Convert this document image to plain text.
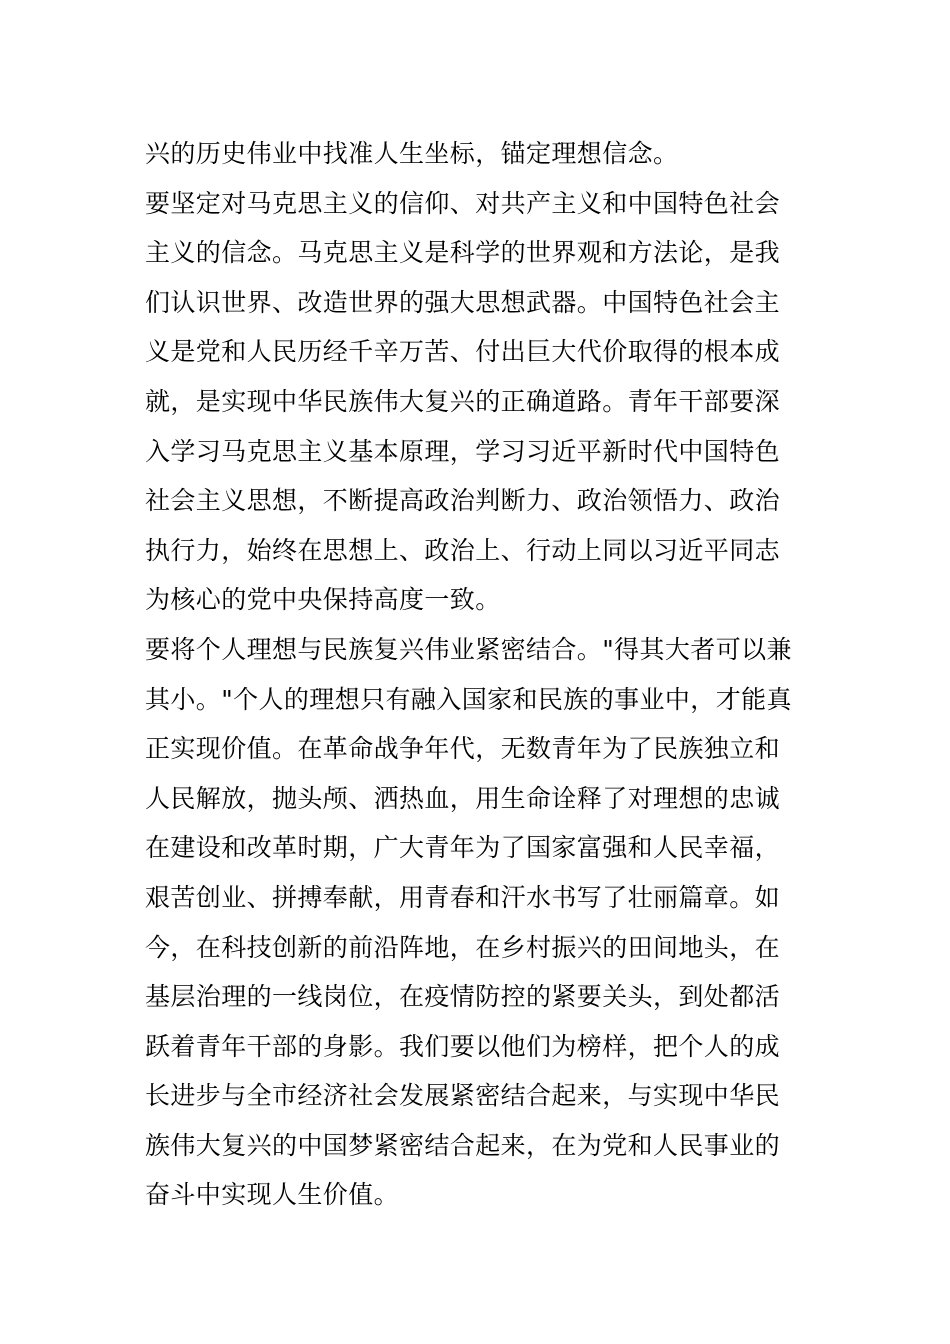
兴的历史伟业中找准人生坐标，锚定理想信念。
要坚定对马克思主义的信仰、对共产主义和中国特色社会
主义的信念。马克思主义是科学的世界观和方法论，是我
们认识世界、改造世界的强大思想武器。中国特色社会主
义是党和人民历经千辛万苦、付出巨大代价取得的根本成
就，是实现中华民族伟大复兴的正确道路。青年干部要深
入学习马克思主义基本原理，学习习近平新时代中国特色
社会主义思想，不断提高政治判断力、政治领悟力、政治
执行力，始终在思想上、政治上、行动上同以习近平同志
为核心的党中央保持高度一致。
要将个人理想与民族复兴伟业紧密结合。"得其大者可以兼
其小。"个人的理想只有融入国家和民族的事业中，才能真
正实现价值。在革命战争年代，无数青年为了民族独立和
人民解放，抛头颅、洒热血，用生命诠释了对理想的忠诚
在建设和改革时期，广大青年为了国家富强和人民幸福，
艰苦创业、拼搏奉献，用青春和汗水书写了壮丽篇章。如
今，在科技创新的前沿阵地，在乡村振兴的田间地头，在
基层治理的一线岗位，在疫情防控的紧要关头，到处都活
跃着青年干部的身影。我们要以他们为榜样，把个人的成
长进步与全市经济社会发展紧密结合起来，与实现中华民
族伟大复兴的中国梦紧密结合起来，在为党和人民事业的
奋斗中实现人生价值。
